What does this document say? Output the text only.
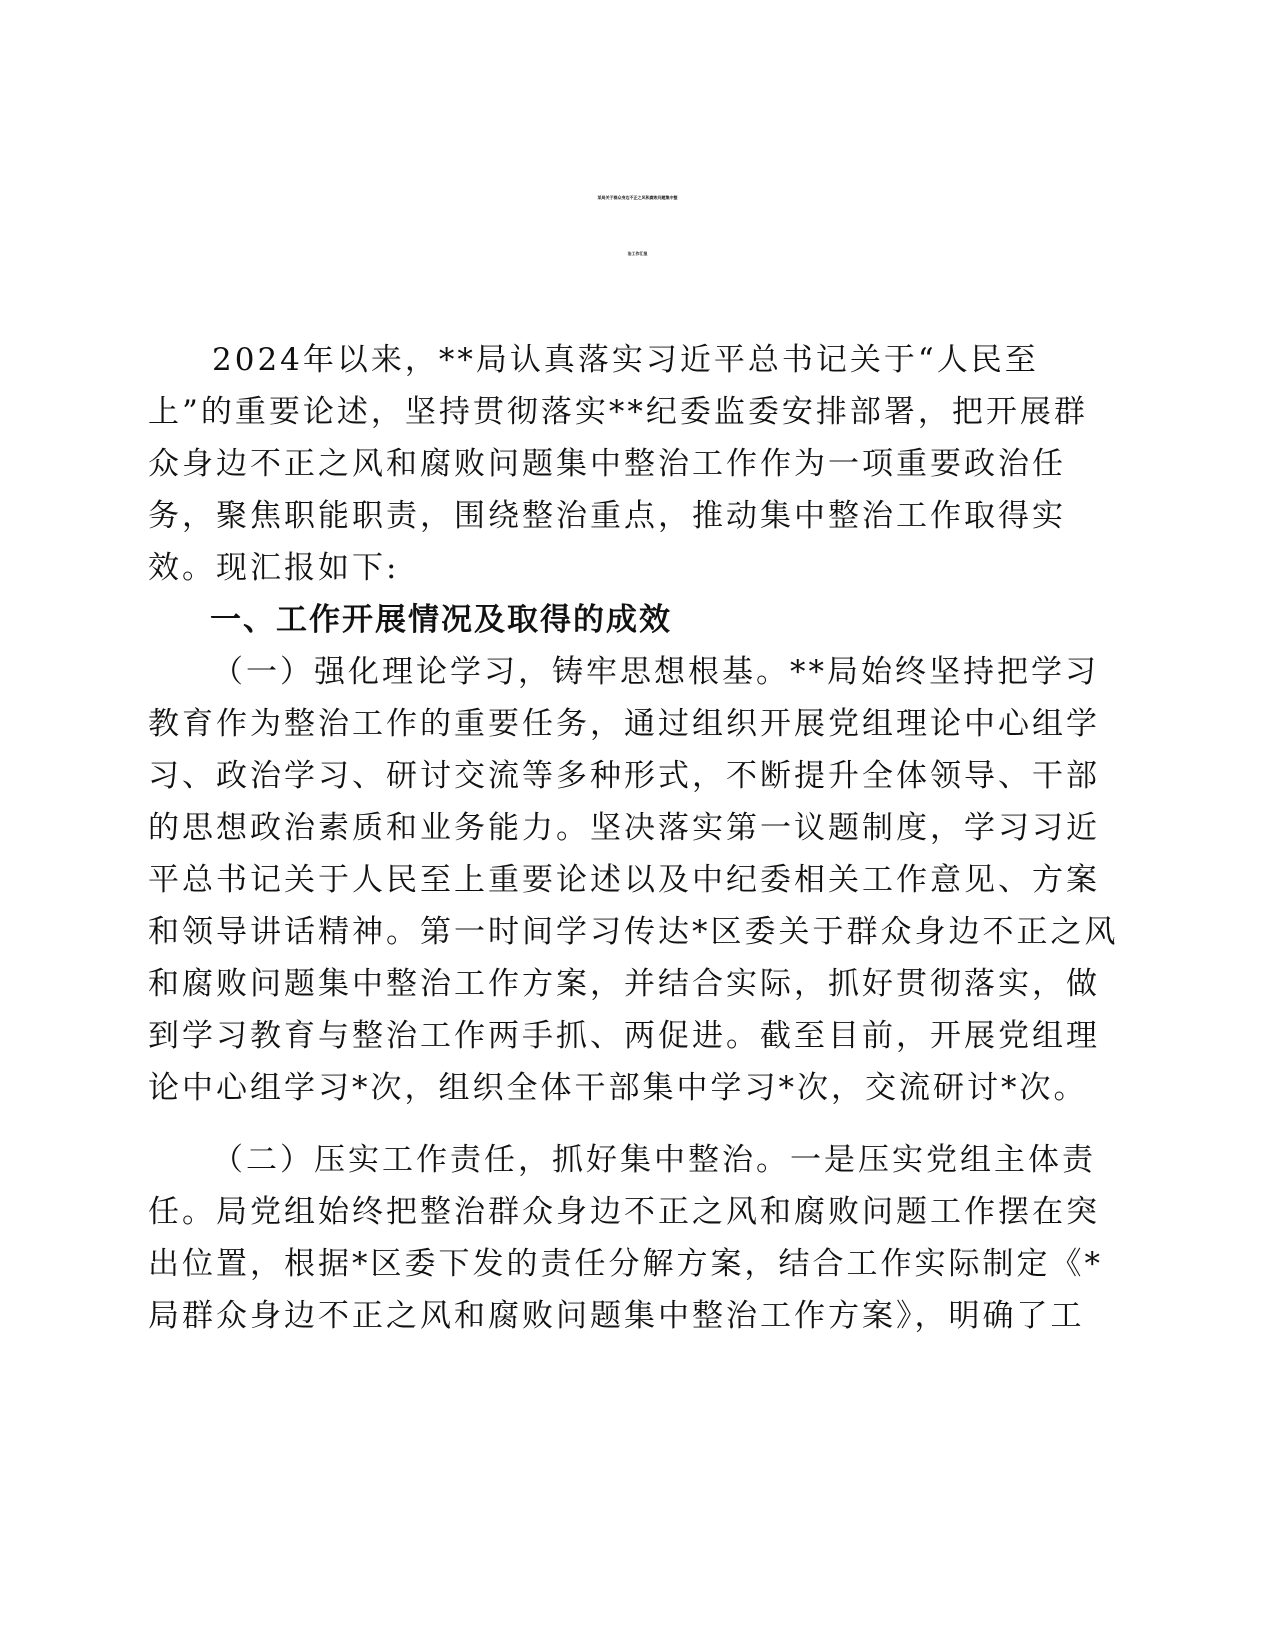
某局关于群众身边不正之风和腐败问题集中整
治工作汇报
2024年以来，**局认真落实习近平总书记关于“人民至
上”的重要论述，坚持贯彻落实**纪委监委安排部署，把开展群
众身边不正之风和腐败问题集中整治工作作为一项重要政治任
务，聚焦职能职责，围绕整治重点，推动集中整治工作取得实
效。现汇报如下:
一、工作开展情况及取得的成效
（一）强化理论学习，铸牢思想根基。**局始终坚持把学习
教育作为整治工作的重要任务，通过组织开展党组理论中心组学
习、政治学习、研讨交流等多种形式，不断提升全体领导、干部
的思想政治素质和业务能力。坚决落实第一议题制度，学习习近
平总书记关于人民至上重要论述以及中纪委相关工作意见、方案
和领导讲话精神。第一时间学习传达*区委关于群众身边不正之风
和腐败问题集中整治工作方案，并结合实际，抓好贯彻落实，做
到学习教育与整治工作两手抓、两促进。截至目前，开展党组理
论中心组学习*次，组织全体干部集中学习*次，交流研讨*次。
（二）压实工作责任，抓好集中整治。一是压实党组主体责
任。局党组始终把整治群众身边不正之风和腐败问题工作摆在突
出位置，根据*区委下发的责任分解方案，结合工作实际制定《*
局群众身边不正之风和腐败问题集中整治工作方案》，明确了工
